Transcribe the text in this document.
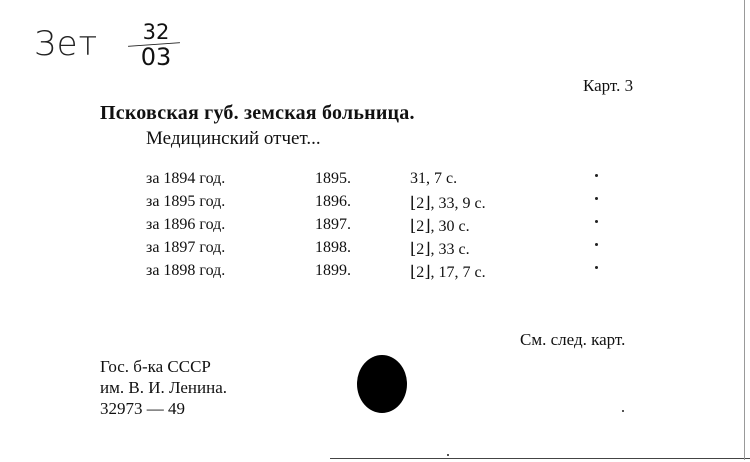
Зет	32
03
Карт. 3
Псковская губ. земская больница.
Медицинский отчет...
за 1894 год.	1895.	31, 7 с.
за 1895 год.	1896.	⌊2⌋, 33, 9 с.
за 1896 год.	1897.	⌊2⌋, 30 с.
за 1897 год.	1898.	⌊2⌋, 33 с.
за 1898 год.	1899.	⌊2⌋, 17, 7 с.
См. след. карт.
Гос. б-ка СССР
им. В. И. Ленина.
32973 — 49
